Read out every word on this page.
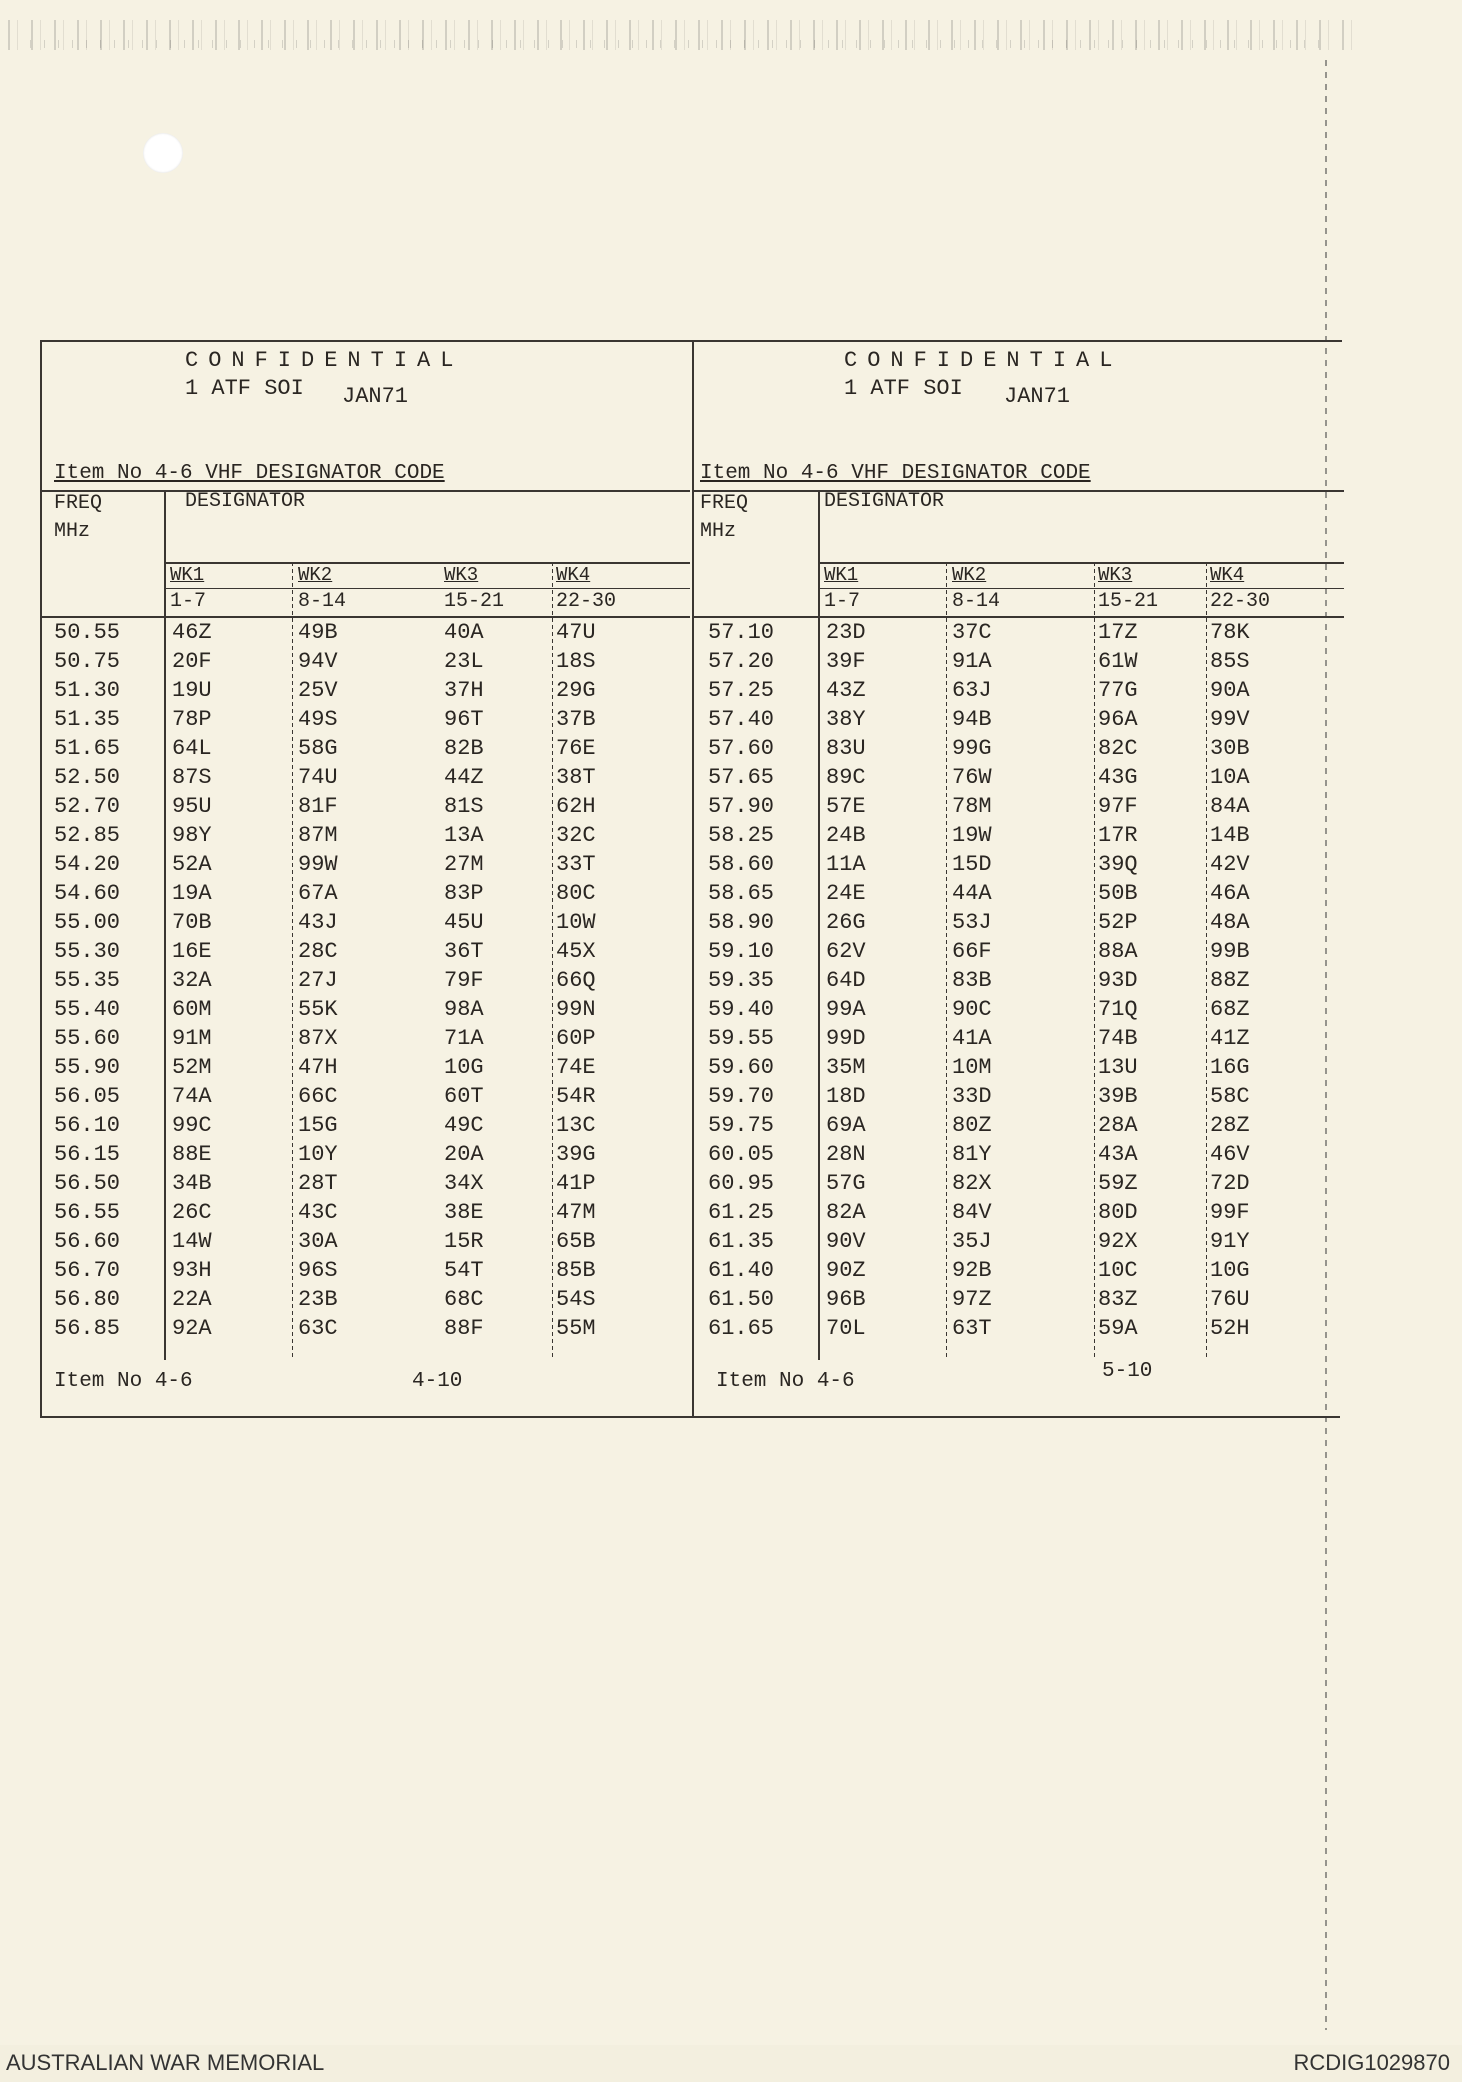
CONFIDENTIAL
1 ATF SOI JAN71
Item No 4-6 VHF DESIGNATOR CODE
FREQ
MHz
DESIGNATOR
WK1	WK2	WK3	WK4
1-7	8-14	15-21	22-30
50.55 46Z	49B	40A	47U
50.75 20F	94V	23L	18S
51.30 19U	25V	37H	29G
51.35 78P	49S	96T	37B
51.65 64L	58G	82B	76E
52.50 87S	74U	44Z	38T
52.70 95U	81F	81S	62H
52.85 98Y	87M	13A	32C
54.20 52A	99W	27M	33T
54.60 19A	67A	83P	80C
55.00 70B	43J	45U	10W
55.30 16E	28C	36T	45X
55.35 32A	27J	79F	66Q
55.40 60M	55K	98A	99N
55.60 91M	87X	71A	60P
55.90 52M	47H	10G	74E
56.05 74A	66C	60T	54R
56.10 99C	15G	49C	13C
56.15 88E	10Y	20A	39G
56.50 34B	28T	34X	41P
56.55 26C	43C	38E	47M
56.60 14W	30A	15R	65B
56.70 93H	96S	54T	85B
56.80 22A	23B	68C	54S
56.85 92A	63C	88F	55M
Item No 4-6	4-10
CONFIDENTIAL
1 ATF SOI JAN71
Item No 4-6 VHF DESIGNATOR CODE
FREQ
MHz
DESIGNATOR
WK1	WK2	WK3	WK4
1-7	8-14	15-21	22-30
57.10 23D	37C	17Z	78K
57.20 39F	91A	61W	85S
57.25 43Z	63J	77G	90A
57.40 38Y	94B	96A	99V
57.60 83U	99G	82C	30B
57.65 89C	76W	43G	10A
57.90 57E	78M	97F	84A
58.25 24B	19W	17R	14B
58.60 11A	15D	39Q	42V
58.65 24E	44A	50B	46A
58.90 26G	53J	52P	48A
59.10 62V	66F	88A	99B
59.35 64D	83B	93D	88Z
59.40 99A	90C	71Q	68Z
59.55 99D	41A	74B	41Z
59.60 35M	10M	13U	16G
59.70 18D	33D	39B	58C
59.75 69A	80Z	28A	28Z
60.05 28N	81Y	43A	46V
60.95 57G	82X	59Z	72D
61.25 82A	84V	80D	99F
61.35 90V	35J	92X	91Y
61.40 90Z	92B	10C	10G
61.50 96B	97Z	83Z	76U
61.65 70L	63T	59A	52H
Item No 4-6	5-10
AUSTRALIAN WAR MEMORIAL	RCDIG1029870
